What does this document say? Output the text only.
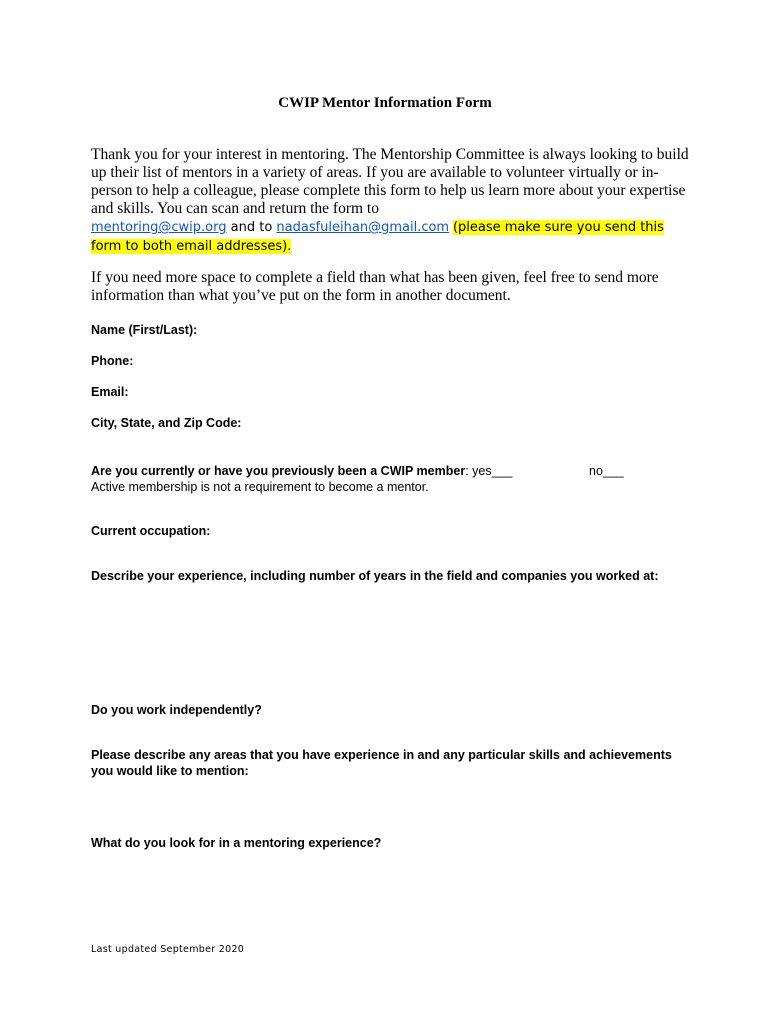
CWIP Mentor Information Form
Thank you for your interest in mentoring. The Mentorship Committee is always looking to build up their list of mentors in a variety of areas. If you are available to volunteer virtually or in-person to help a colleague, please complete this form to help us learn more about your expertise and skills. You can scan and return the form to
mentoring@cwip.org and to nadasfuleihan@gmail.com (please make sure you send this form to both email addresses).
If you need more space to complete a field than what has been given, feel free to send more information than what you’ve put on the form in another document.
Name (First/Last):
Phone:
Email:
City, State, and Zip Code:
Are you currently or have you previously been a CWIP member: yes___	no___
Active membership is not a requirement to become a mentor.
Current occupation:
Describe your experience, including number of years in the field and companies you worked at:
Do you work independently?
Please describe any areas that you have experience in and any particular skills and achievements you would like to mention:
What do you look for in a mentoring experience?
Last updated September 2020
